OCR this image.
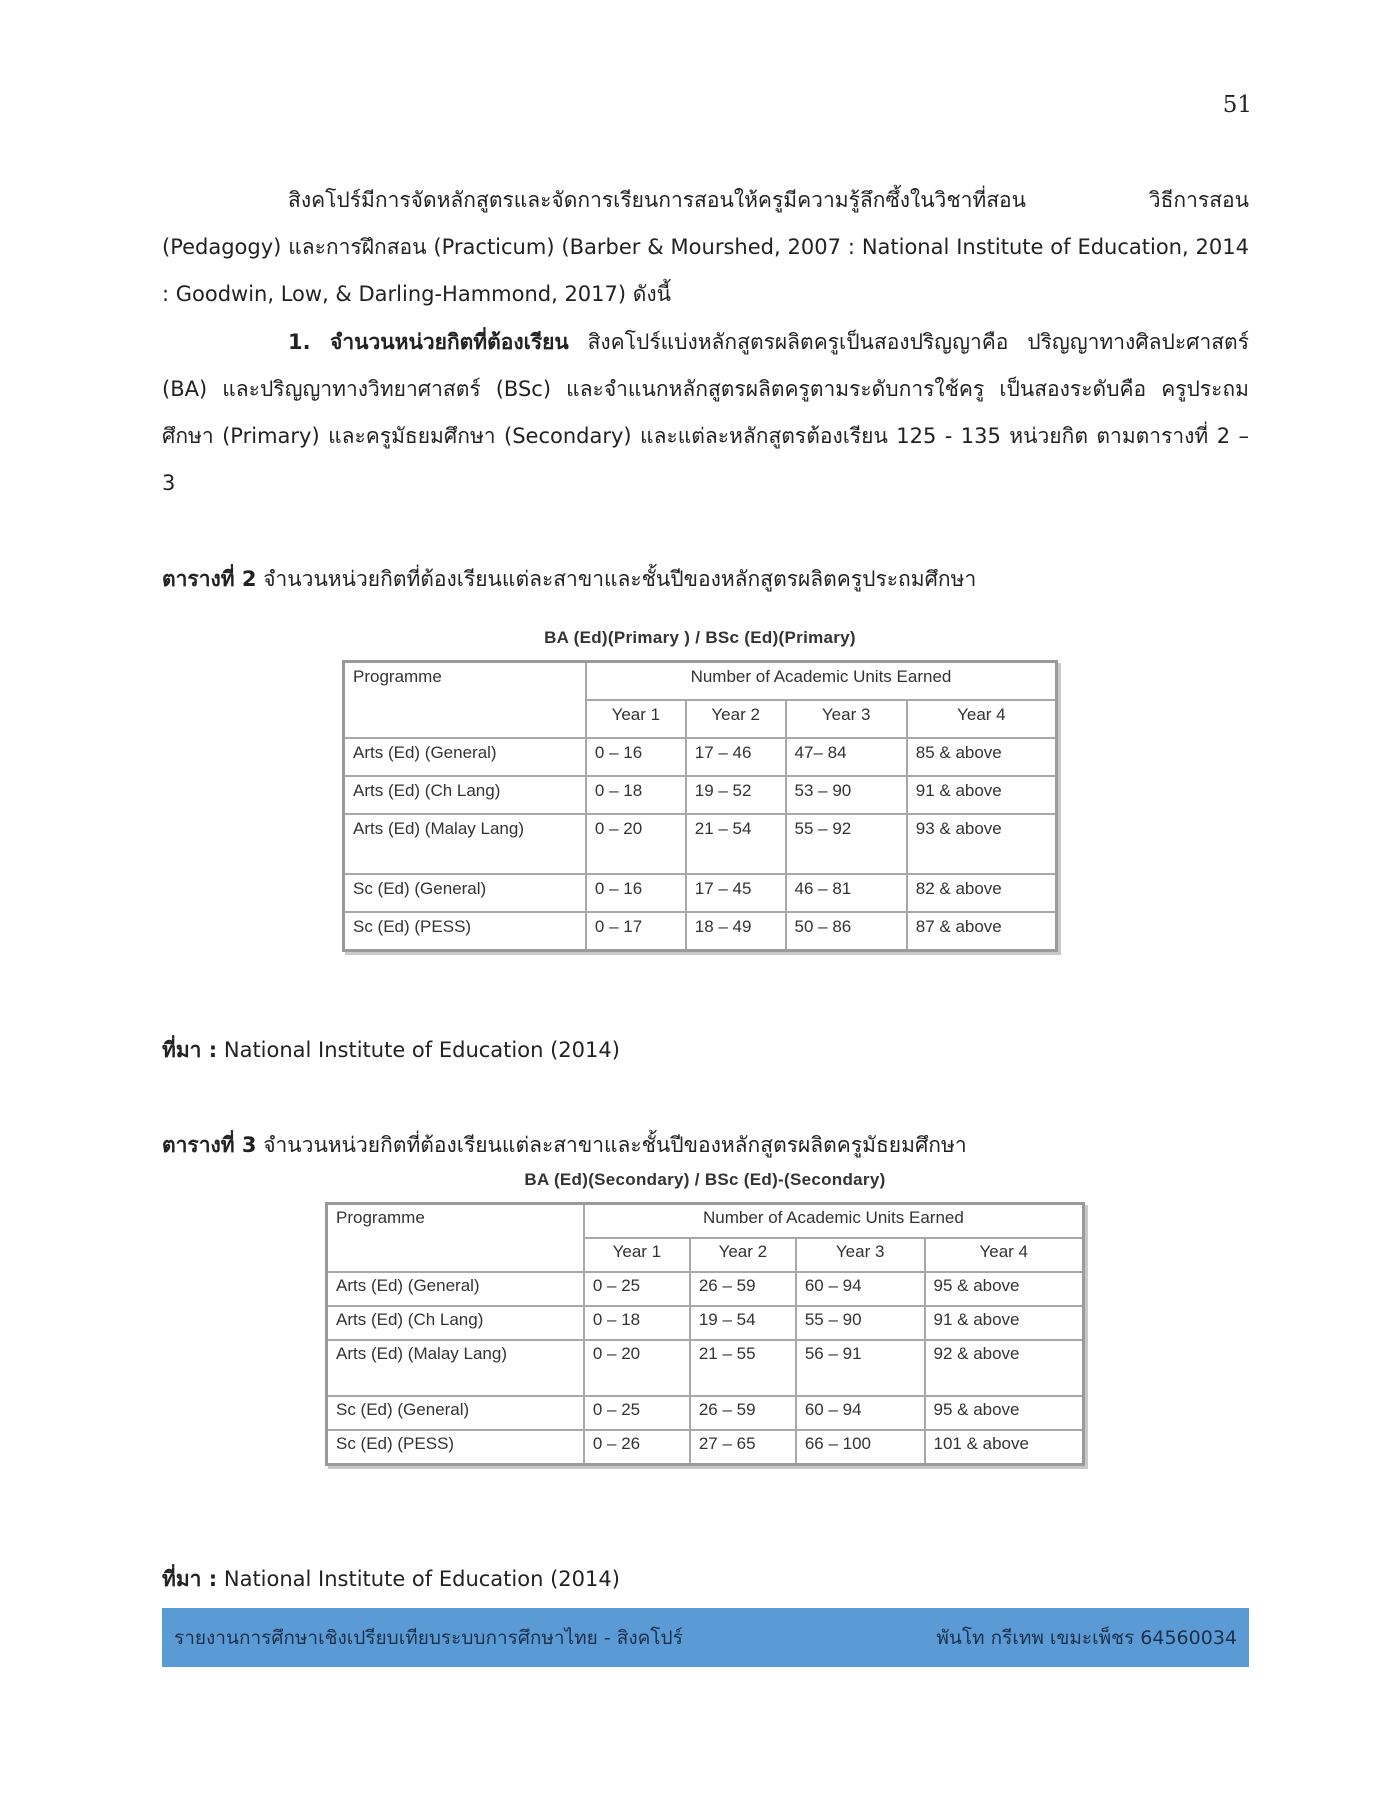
51
สิงคโปร์มีการจัดหลักสูตรและจัดการเรียนการสอนให้ครูมีความรู้ลึกซึ้งในวิชาที่สอน วิธีการสอน (Pedagogy) และการฝึกสอน (Practicum) (Barber & Mourshed, 2007 : National Institute of Education, 2014 : Goodwin, Low, & Darling-Hammond, 2017) ดังนี้
1. จำนวนหน่วยกิตที่ต้องเรียน สิงคโปร์แบ่งหลักสูตรผลิตครูเป็นสองปริญญาคือ ปริญญาทางศิลปะศาสตร์ (BA) และปริญญาทางวิทยาศาสตร์ (BSc) และจำแนกหลักสูตรผลิตครูตามระดับการใช้ครู เป็นสองระดับคือ ครูประถมศึกษา (Primary) และครูมัธยมศึกษา (Secondary) และแต่ละหลักสูตรต้องเรียน 125 - 135 หน่วยกิต ตามตารางที่ 2 – 3
ตารางที่ 2 จำนวนหน่วยกิตที่ต้องเรียนแต่ละสาขาและชั้นปีของหลักสูตรผลิตครูประถมศึกษา
BA (Ed)(Primary ) / BSc (Ed)(Primary)
Programme	Number of Academic Units Earned			
	Year 1	Year 2	Year 3	Year 4
Arts (Ed) (General)	0 – 16	17 – 46	47– 84	85 & above
Arts (Ed) (Ch Lang)	0 – 18	19 – 52	53 – 90	91 & above
Arts (Ed) (Malay Lang)	0 – 20	21 – 54	55 – 92	93 & above
Sc (Ed) (General)	0 – 16	17 – 45	46 – 81	82 & above
Sc (Ed) (PESS)	0 – 17	18 – 49	50 – 86	87 & above
ที่มา : National Institute of Education (2014)
ตารางที่ 3 จำนวนหน่วยกิตที่ต้องเรียนแต่ละสาขาและชั้นปีของหลักสูตรผลิตครูมัธยมศึกษา
BA (Ed)(Secondary) / BSc (Ed)-(Secondary)
Programme	Number of Academic Units Earned			
	Year 1	Year 2	Year 3	Year 4
Arts (Ed) (General)	0 – 25	26 – 59	60 – 94	95 & above
Arts (Ed) (Ch Lang)	0 – 18	19 – 54	55 – 90	91 & above
Arts (Ed) (Malay Lang)	0 – 20	21 – 55	56 – 91	92 & above
Sc (Ed) (General)	0 – 25	26 – 59	60 – 94	95 & above
Sc (Ed) (PESS)	0 – 26	27 – 65	66 – 100	101 & above
ที่มา : National Institute of Education (2014)
รายงานการศึกษาเชิงเปรียบเทียบระบบการศึกษาไทย - สิงคโปร์	พันโท กรีเทพ เขมะเพ็ชร 64560034
